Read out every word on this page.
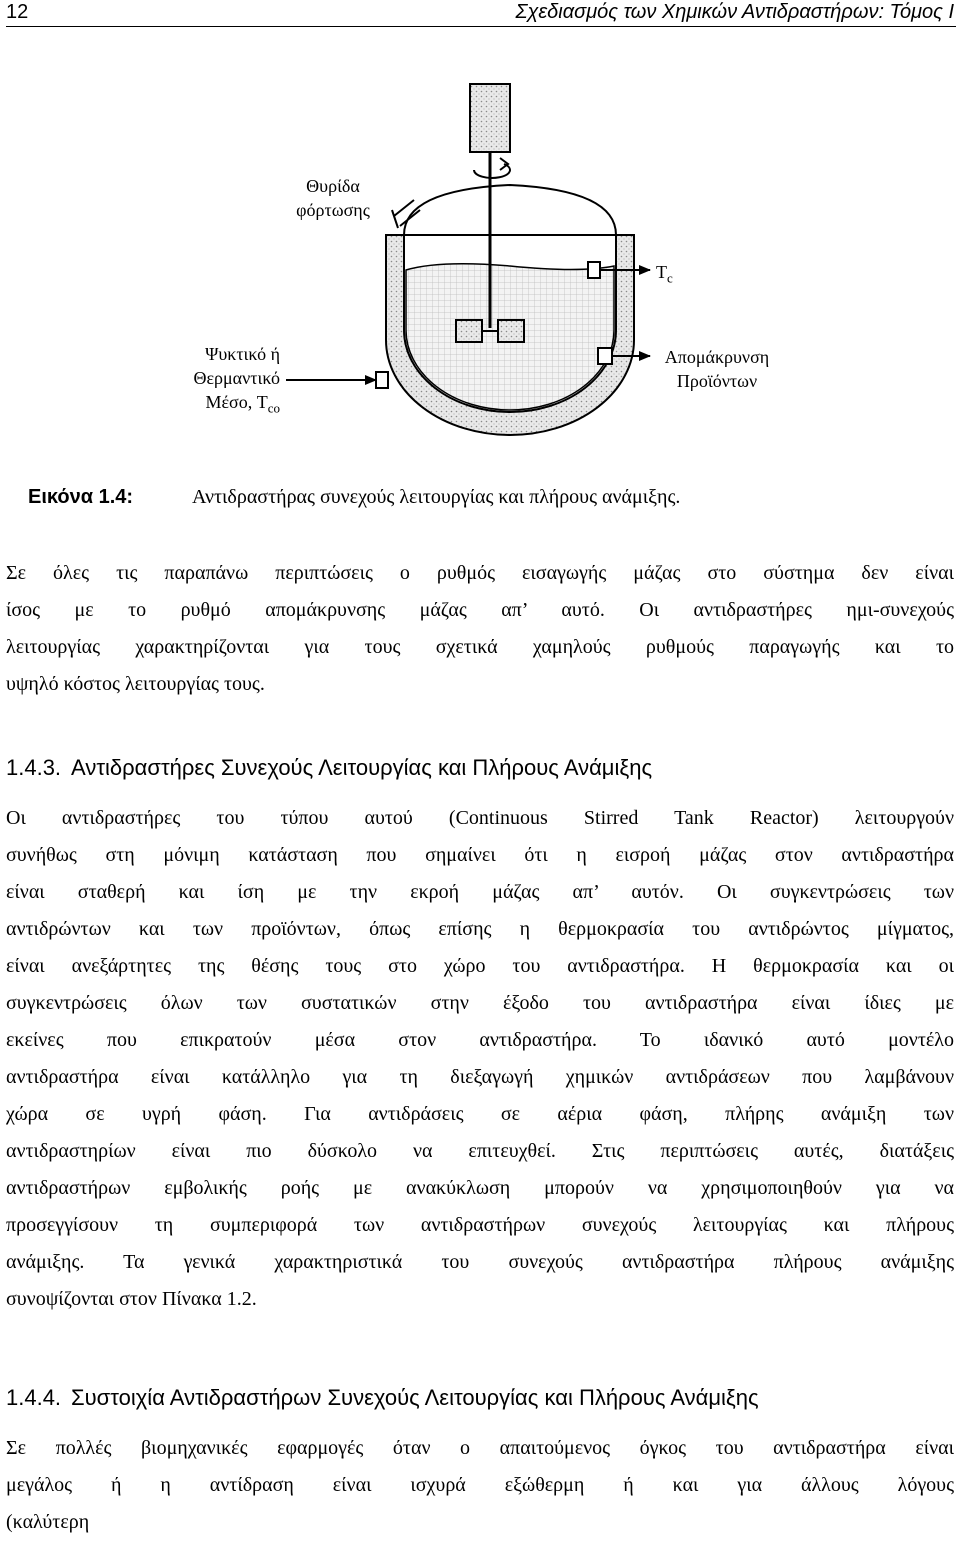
12	Σχεδιασμός των Χημικών Αντιδραστήρων: Τόμος Ι
Θυρίδα
φόρτωσης
$T_c$
Ψυκτικό ή
Θερμαντικό
Μέσο, $T_{co}$
Απομάκρυνση
Προϊόντων
Εικόνα 1.4:	Αντιδραστήρας συνεχούς λειτουργίας και πλήρους ανάμιξης.
Σε όλες τις παραπάνω περιπτώσεις ο ρυθμός εισαγωγής μάζας στο σύστημα δεν είναι
ίσος με το ρυθμό απομάκρυνσης μάζας απ’ αυτό. Οι αντιδραστήρες ημι-συνεχούς
λειτουργίας χαρακτηρίζονται για τους σχετικά χαμηλούς ρυθμούς παραγωγής και το
υψηλό κόστος λειτουργίας τους.
1.4.3. Αντιδραστήρες Συνεχούς Λειτουργίας και Πλήρους Ανάμιξης
Οι αντιδραστήρες του τύπου αυτού (Continuous Stirred Tank Reactor) λειτουργούν
συνήθως στη μόνιμη κατάσταση που σημαίνει ότι η εισροή μάζας στον αντιδραστήρα
είναι σταθερή και ίση με την εκροή μάζας απ’ αυτόν. Οι συγκεντρώσεις των
αντιδρώντων και των προϊόντων, όπως επίσης η θερμοκρασία του αντιδρώντος μίγματος,
είναι ανεξάρτητες της θέσης τους στο χώρο του αντιδραστήρα. Η θερμοκρασία και οι
συγκεντρώσεις όλων των συστατικών στην έξοδο του αντιδραστήρα είναι ίδιες με
εκείνες που επικρατούν μέσα στον αντιδραστήρα. Το ιδανικό αυτό μοντέλο
αντιδραστήρα είναι κατάλληλο για τη διεξαγωγή χημικών αντιδράσεων που λαμβάνουν
χώρα σε υγρή φάση. Για αντιδράσεις σε αέρια φάση, πλήρης ανάμιξη των
αντιδραστηρίων είναι πιο δύσκολο να επιτευχθεί. Στις περιπτώσεις αυτές, διατάξεις
αντιδραστήρων εμβολικής ροής με ανακύκλωση μπορούν να χρησιμοποιηθούν για να
προσεγγίσουν τη συμπεριφορά των αντιδραστήρων συνεχούς λειτουργίας και πλήρους
ανάμιξης. Τα γενικά χαρακτηριστικά του συνεχούς αντιδραστήρα πλήρους ανάμιξης
συνοψίζονται στον Πίνακα 1.2.
1.4.4. Συστοιχία Αντιδραστήρων Συνεχούς Λειτουργίας και Πλήρους Ανάμιξης
Σε πολλές βιομηχανικές εφαρμογές όταν ο απαιτούμενος όγκος του αντιδραστήρα είναι
μεγάλος ή η αντίδραση είναι ισχυρά εξώθερμη ή και για άλλους λόγους
(καλύτερη
